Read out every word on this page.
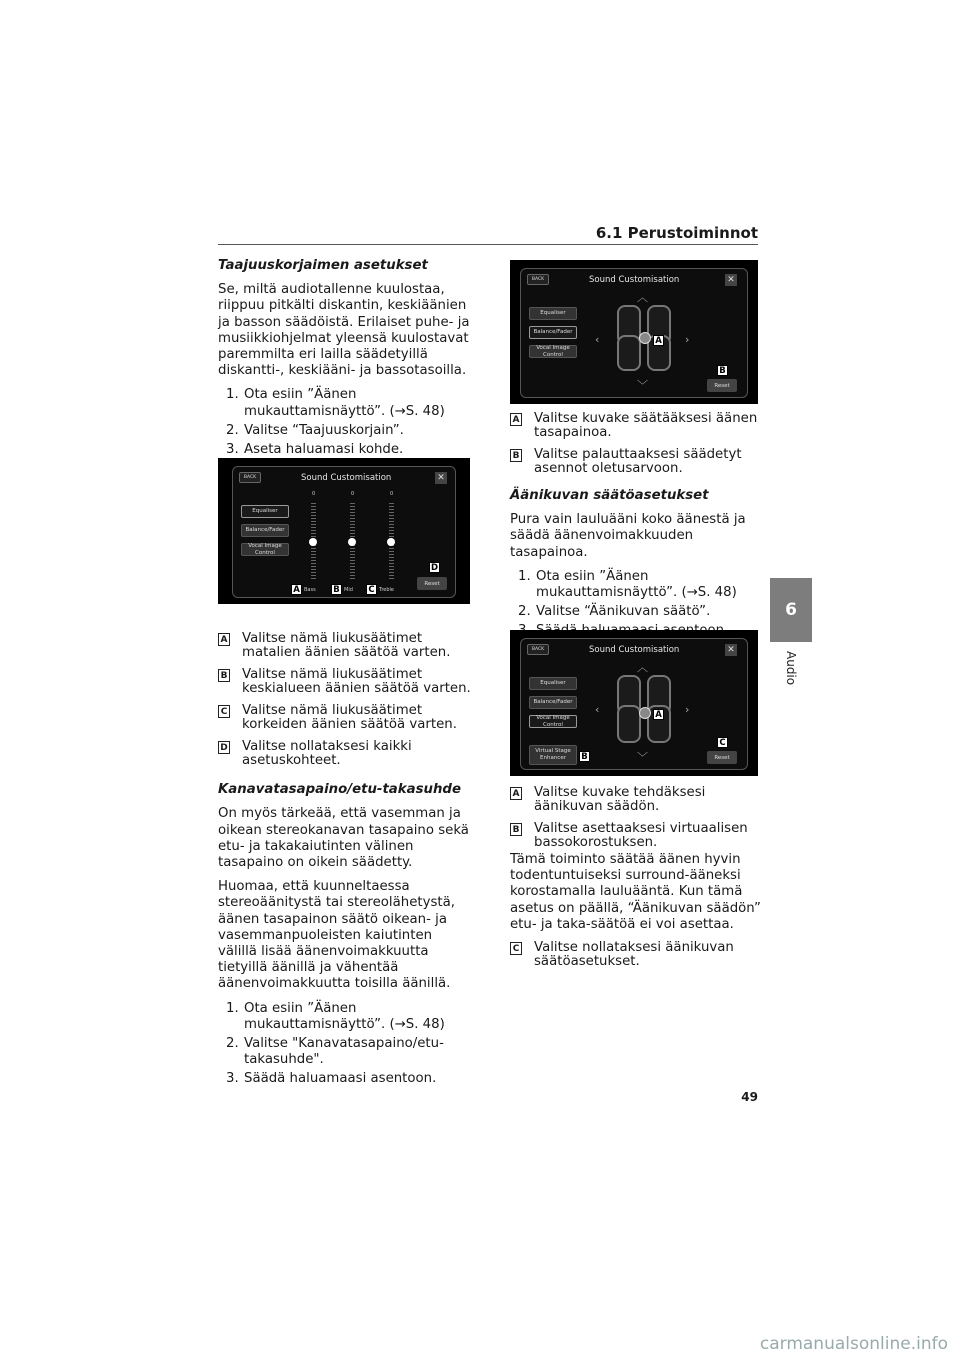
6.1 Perustoiminnot
6
Audio
Taajuuskorjaimen asetukset
Se, miltä audiotallenne kuulostaa, riippuu pitkälti diskantin, keskiäänien ja basson säädöistä. Erilaiset puhe- ja musiikkiohjelmat yleensä kuulostavat paremmilta eri lailla säädetyillä diskantti-, keskiääni- ja bassotasoilla.
1. Ota esiin ”Äänen mukauttamisnäyttö”. (→S. 48)
2. Valitse “Taajuuskorjain”.
3. Aseta haluamasi kohde.
A Valitse nämä liukusäätimet matalien äänien säätöä varten.
B Valitse nämä liukusäätimet keskialueen äänien säätöä varten.
C Valitse nämä liukusäätimet korkeiden äänien säätöä varten.
D Valitse nollataksesi kaikki asetuskohteet.
Kanavatasapaino/etu-takasuhde
On myös tärkeää, että vasemman ja oikean stereokanavan tasapaino sekä etu- ja takakaiutinten välinen tasapaino on oikein säädetty.
Huomaa, että kuunneltaessa stereoäänitystä tai stereolähetystä, äänen tasapainon säätö oikean- ja vasemmanpuoleisten kaiutinten välillä lisää äänenvoimakkuutta tietyillä äänillä ja vähentää äänenvoimakkuutta toisilla äänillä.
1. Ota esiin ”Äänen mukauttamisnäyttö”. (→S. 48)
2. Valitse "Kanavatasapaino/etu-takasuhde".
3. Säädä haluamaasi asentoon.
BACK	Sound Customisation	✕
Equaliser
Balance/Fader
Vocal Image Control
0	0	0
A Bass B Mid C Treble
D
Reset
BACK	Sound Customisation	✕
Equaliser
Balance/Fader
Vocal Image Control
︿
﹀
‹	›
A
B
Reset
A Valitse kuvake säätääksesi äänen tasapainoa.
B Valitse palauttaaksesi säädetyt asennot oletusarvoon.
Äänikuvan säätöasetukset
Pura vain lauluääni koko äänestä ja säädä äänenvoimakkuuden tasapainoa.
1. Ota esiin ”Äänen mukauttamisnäyttö”. (→S. 48)
2. Valitse “Äänikuvan säätö”.
BACK	Sound Customisation	✕
Equaliser
Balance/Fader
Vocal Image Control
Virtual Stage Enhancer
︿
﹀
‹	›
A
B
C
Reset
A Valitse kuvake tehdäksesi äänikuvan säädön.
B Valitse asettaaksesi virtuaalisen bassokorostuksen.
Tämä toiminto säätää äänen hyvin todentuntuiseksi surround-ääneksi korostamalla lauluääntä. Kun tämä asetus on päällä, “Äänikuvan säädön” etu- ja taka-säätöä ei voi asettaa.
C Valitse nollataksesi äänikuvan säätöasetukset.
49
carmanualsonline.info
